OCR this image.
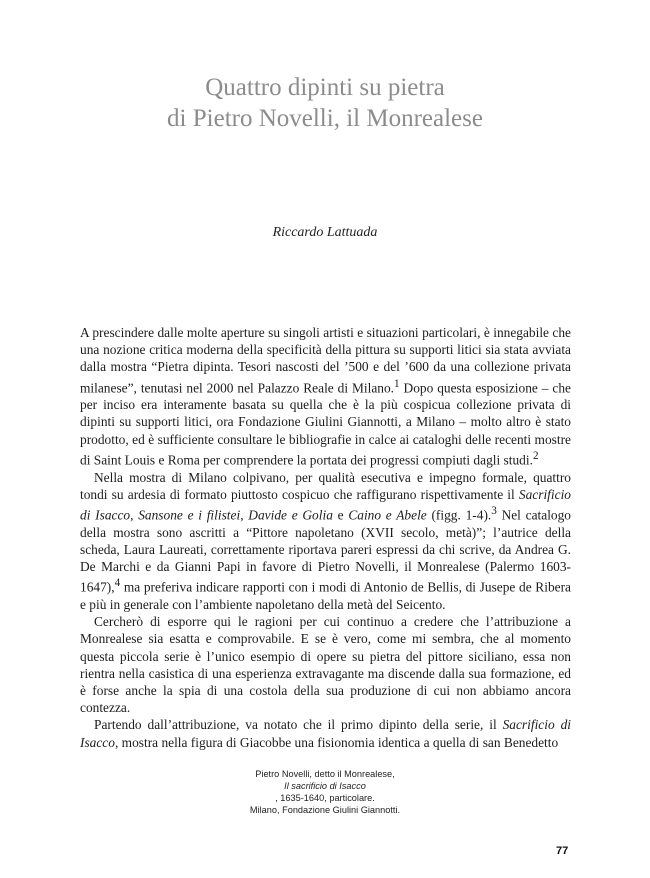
Quattro dipinti su pietra
di Pietro Novelli, il Monrealese
Riccardo Lattuada

A prescindere dalle molte aperture su singoli artisti e situazioni particolari, è innegabile che una nozione critica moderna della specificità della pittura su supporti litici sia stata avviata dalla mostra “Pietra dipinta. Tesori nascosti del ’500 e del ’600 da una collezione privata milanese”, tenutasi nel 2000 nel Palazzo Reale di Milano.$^1$ Dopo questa esposizione – che per inciso era interamente basata su quella che è la più cospicua collezione privata di dipinti su supporti litici, ora Fondazione Giulini Giannotti, a Milano – molto altro è stato prodotto, ed è sufficiente consultare le bibliografie in calce ai cataloghi delle recenti mostre di Saint Louis e Roma per comprendere la portata dei progressi compiuti dagli studi.$^2$

Nella mostra di Milano colpivano, per qualità esecutiva e impegno formale, quattro tondi su ardesia di formato piuttosto cospicuo che raffigurano rispettivamente il Sacrificio di Isacco, Sansone e i filistei, Davide e Golia e Caino e Abele (figg. 1-4).$^3$ Nel catalogo della mostra sono ascritti a “Pittore napoletano (XVII secolo, metà)”; l’autrice della scheda, Laura Laureati, correttamente riportava pareri espressi da chi scrive, da Andrea G. De Marchi e da Gianni Papi in favore di Pietro Novelli, il Monrealese (Palermo 1603-1647),$^4$ ma preferiva indicare rapporti con i modi di Antonio de Bellis, di Jusepe de Ribera e più in generale con l’ambiente napoletano della metà del Seicento.

Cercherò di esporre qui le ragioni per cui continuo a credere che l’attribuzione a Monrealese sia esatta e comprovabile. E se è vero, come mi sembra, che al momento questa piccola serie è l’unico esempio di opere su pietra del pittore siciliano, essa non rientra nella casistica di una esperienza extravagante ma discende dalla sua formazione, ed è forse anche la spia di una costola della sua produzione di cui non abbiamo ancora contezza.

Partendo dall’attribuzione, va notato che il primo dipinto della serie, il Sacrificio di Isacco, mostra nella figura di Giacobbe una fisionomia identica a quella di san Benedetto

Pietro Novelli, detto il Monrealese,
Il sacrificio di Isacco
, 1635-1640, particolare.
Milano, Fondazione Giulini Giannotti.
77
